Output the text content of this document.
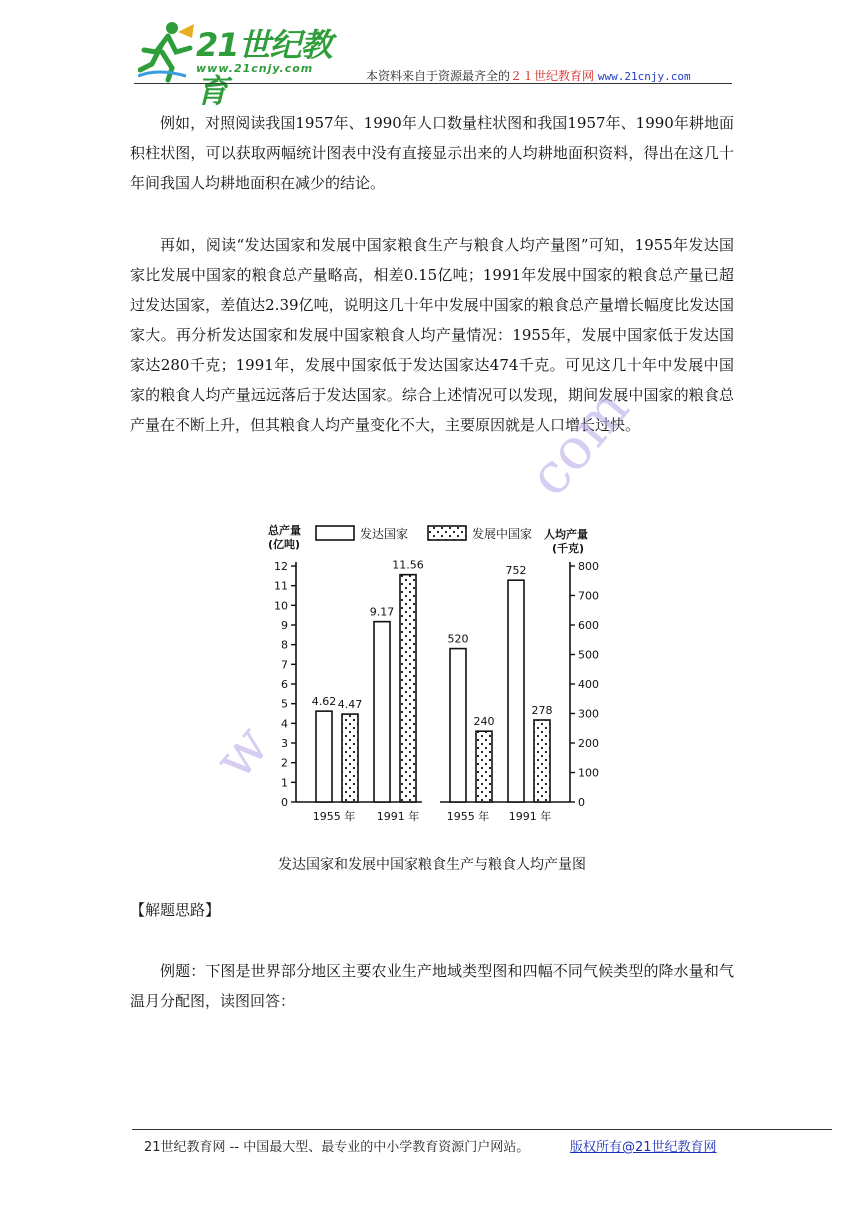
21世纪教育
www.21cnjy.com
本资料来自于资源最齐全的２１世纪教育网 www.21cnjy.com

例如，对照阅读我国1957年、1990年人口数量柱状图和我国1957年、1990年耕地面积柱状图，可以获取两幅统计图表中没有直接显示出来的人均耕地面积资料，得出在这几十年间我国人均耕地面积在减少的结论。

再如，阅读“发达国家和发展中国家粮食生产与粮食人均产量图”可知，1955年发达国家比发展中国家的粮食总产量略高，相差0.15亿吨；1991年发展中国家的粮食总产量已超过发达国家，差值达2.39亿吨，说明这几十年中发展中国家的粮食总产量增长幅度比发达国家大。再分析发达国家和发展中国家粮食人均产量情况：1955年，发展中国家低于发达国家达280千克；1991年，发展中国家低于发达国家达474千克。可见这几十年中发展中国家的粮食人均产量远远落后于发达国家。综合上述情况可以发现，期间发展中国家的粮食总产量在不断上升，但其粮食人均产量变化不大，主要原因就是人口增长过快。

com
w
发达国家	发展中国家
总产量
(亿吨)
人均产量
(千克)
0
1
2
3
4
5
6
7
8
9
10
11
12
0
100
200
300
400
500
600
700
800
4.62 4.47
1955 年
9.17
11.56
1991 年
520
240
1955 年
752
278
1991 年
发达国家和发展中国家粮食生产与粮食人均产量图

【解题思路】

例题：下图是世界部分地区主要农业生产地域类型图和四幅不同气候类型的降水量和气温月分配图，读图回答：

21世纪教育网 -- 中国最大型、最专业的中小学教育资源门户网站。	版权所有@21世纪教育网
